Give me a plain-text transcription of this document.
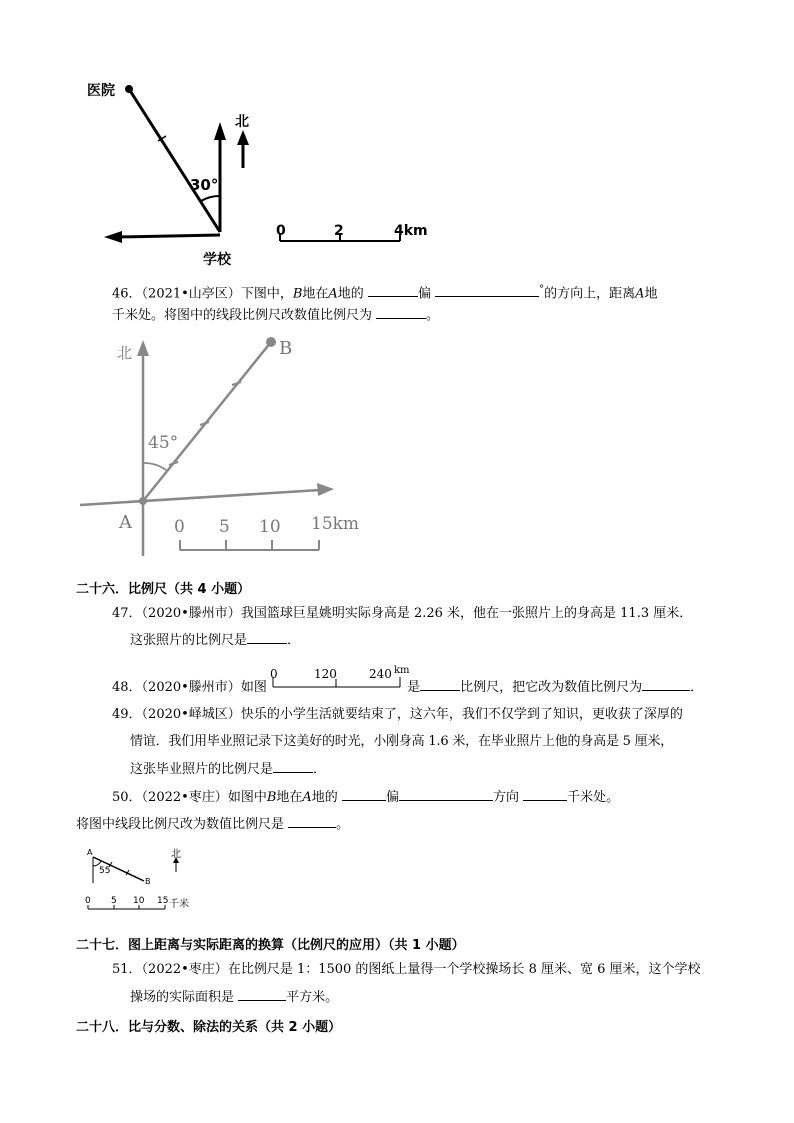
医院
北
30°
学校
0	2	4km
46．（2021•山亭区）下图中，B地在A地的	偏	°的方向上，距离A地
千米处。将图中的线段比例尺改数值比例尺为	。
北	B
45°
A 0 5 10 15km
二十六．比例尺（共 4 小题）
47．（2020•滕州市）我国篮球巨星姚明实际身高是 2.26 米，他在一张照片上的身高是 11.3 厘米．
这张照片的比例尺是	．
48．（2020•滕州市）如图	是	比例尺，把它改为数值比例尺为	．
0	120	240 km
49．（2020•峄城区）快乐的小学生活就要结束了，这六年，我们不仅学到了知识，更收获了深厚的
情谊．我们用毕业照记录下这美好的时光，小刚身高 1.6 米，在毕业照片上他的身高是 5 厘米，
这张毕业照片的比例尺是	．
50．（2022•枣庄）如图中B地在A地的	偏	方向	千米处。
将图中线段比例尺改为数值比例尺是	。
A
B
55
北
0 5 10 15 千米
二十七．图上距离与实际距离的换算（比例尺的应用）（共 1 小题）
51．（2022•枣庄）在比例尺是 1：1500 的图纸上量得一个学校操场长 8 厘米、宽 6 厘米，这个学校
操场的实际面积是	平方米。
二十八．比与分数、除法的关系（共 2 小题）
